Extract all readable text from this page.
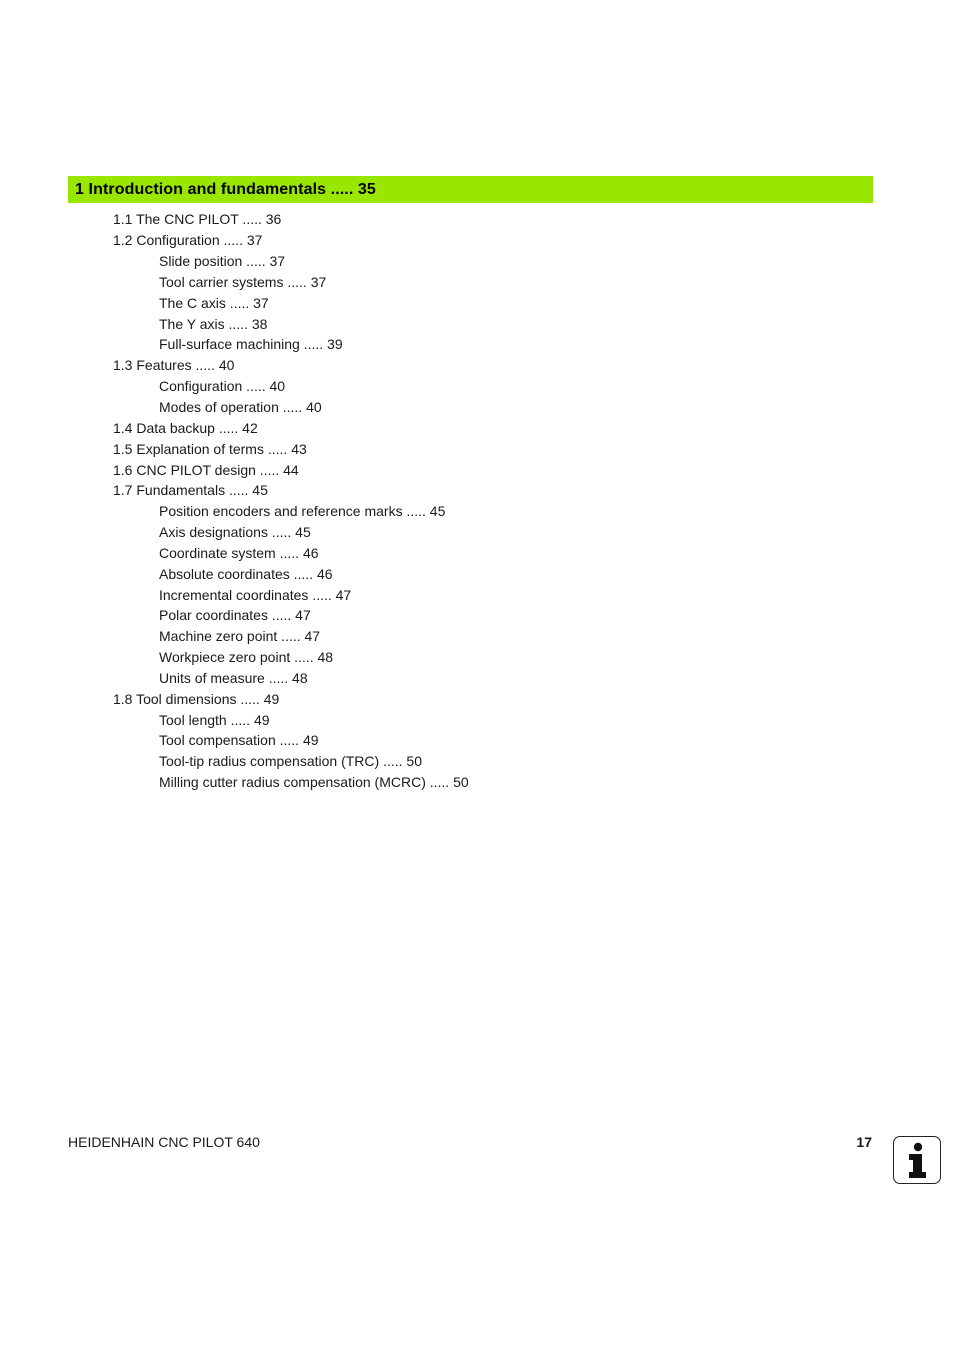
1 Introduction and fundamentals ..... 35
1.1 The CNC PILOT ..... 36
1.2 Configuration ..... 37
Slide position ..... 37
Tool carrier systems ..... 37
The C axis ..... 37
The Y axis ..... 38
Full-surface machining ..... 39
1.3 Features ..... 40
Configuration ..... 40
Modes of operation ..... 40
1.4 Data backup ..... 42
1.5 Explanation of terms ..... 43
1.6 CNC PILOT design ..... 44
1.7 Fundamentals ..... 45
Position encoders and reference marks ..... 45
Axis designations ..... 45
Coordinate system ..... 46
Absolute coordinates ..... 46
Incremental coordinates ..... 47
Polar coordinates ..... 47
Machine zero point ..... 47
Workpiece zero point ..... 48
Units of measure ..... 48
1.8 Tool dimensions ..... 49
Tool length ..... 49
Tool compensation ..... 49
Tool-tip radius compensation (TRC) ..... 50
Milling cutter radius compensation (MCRC) ..... 50
HEIDENHAIN CNC PILOT 640	17
